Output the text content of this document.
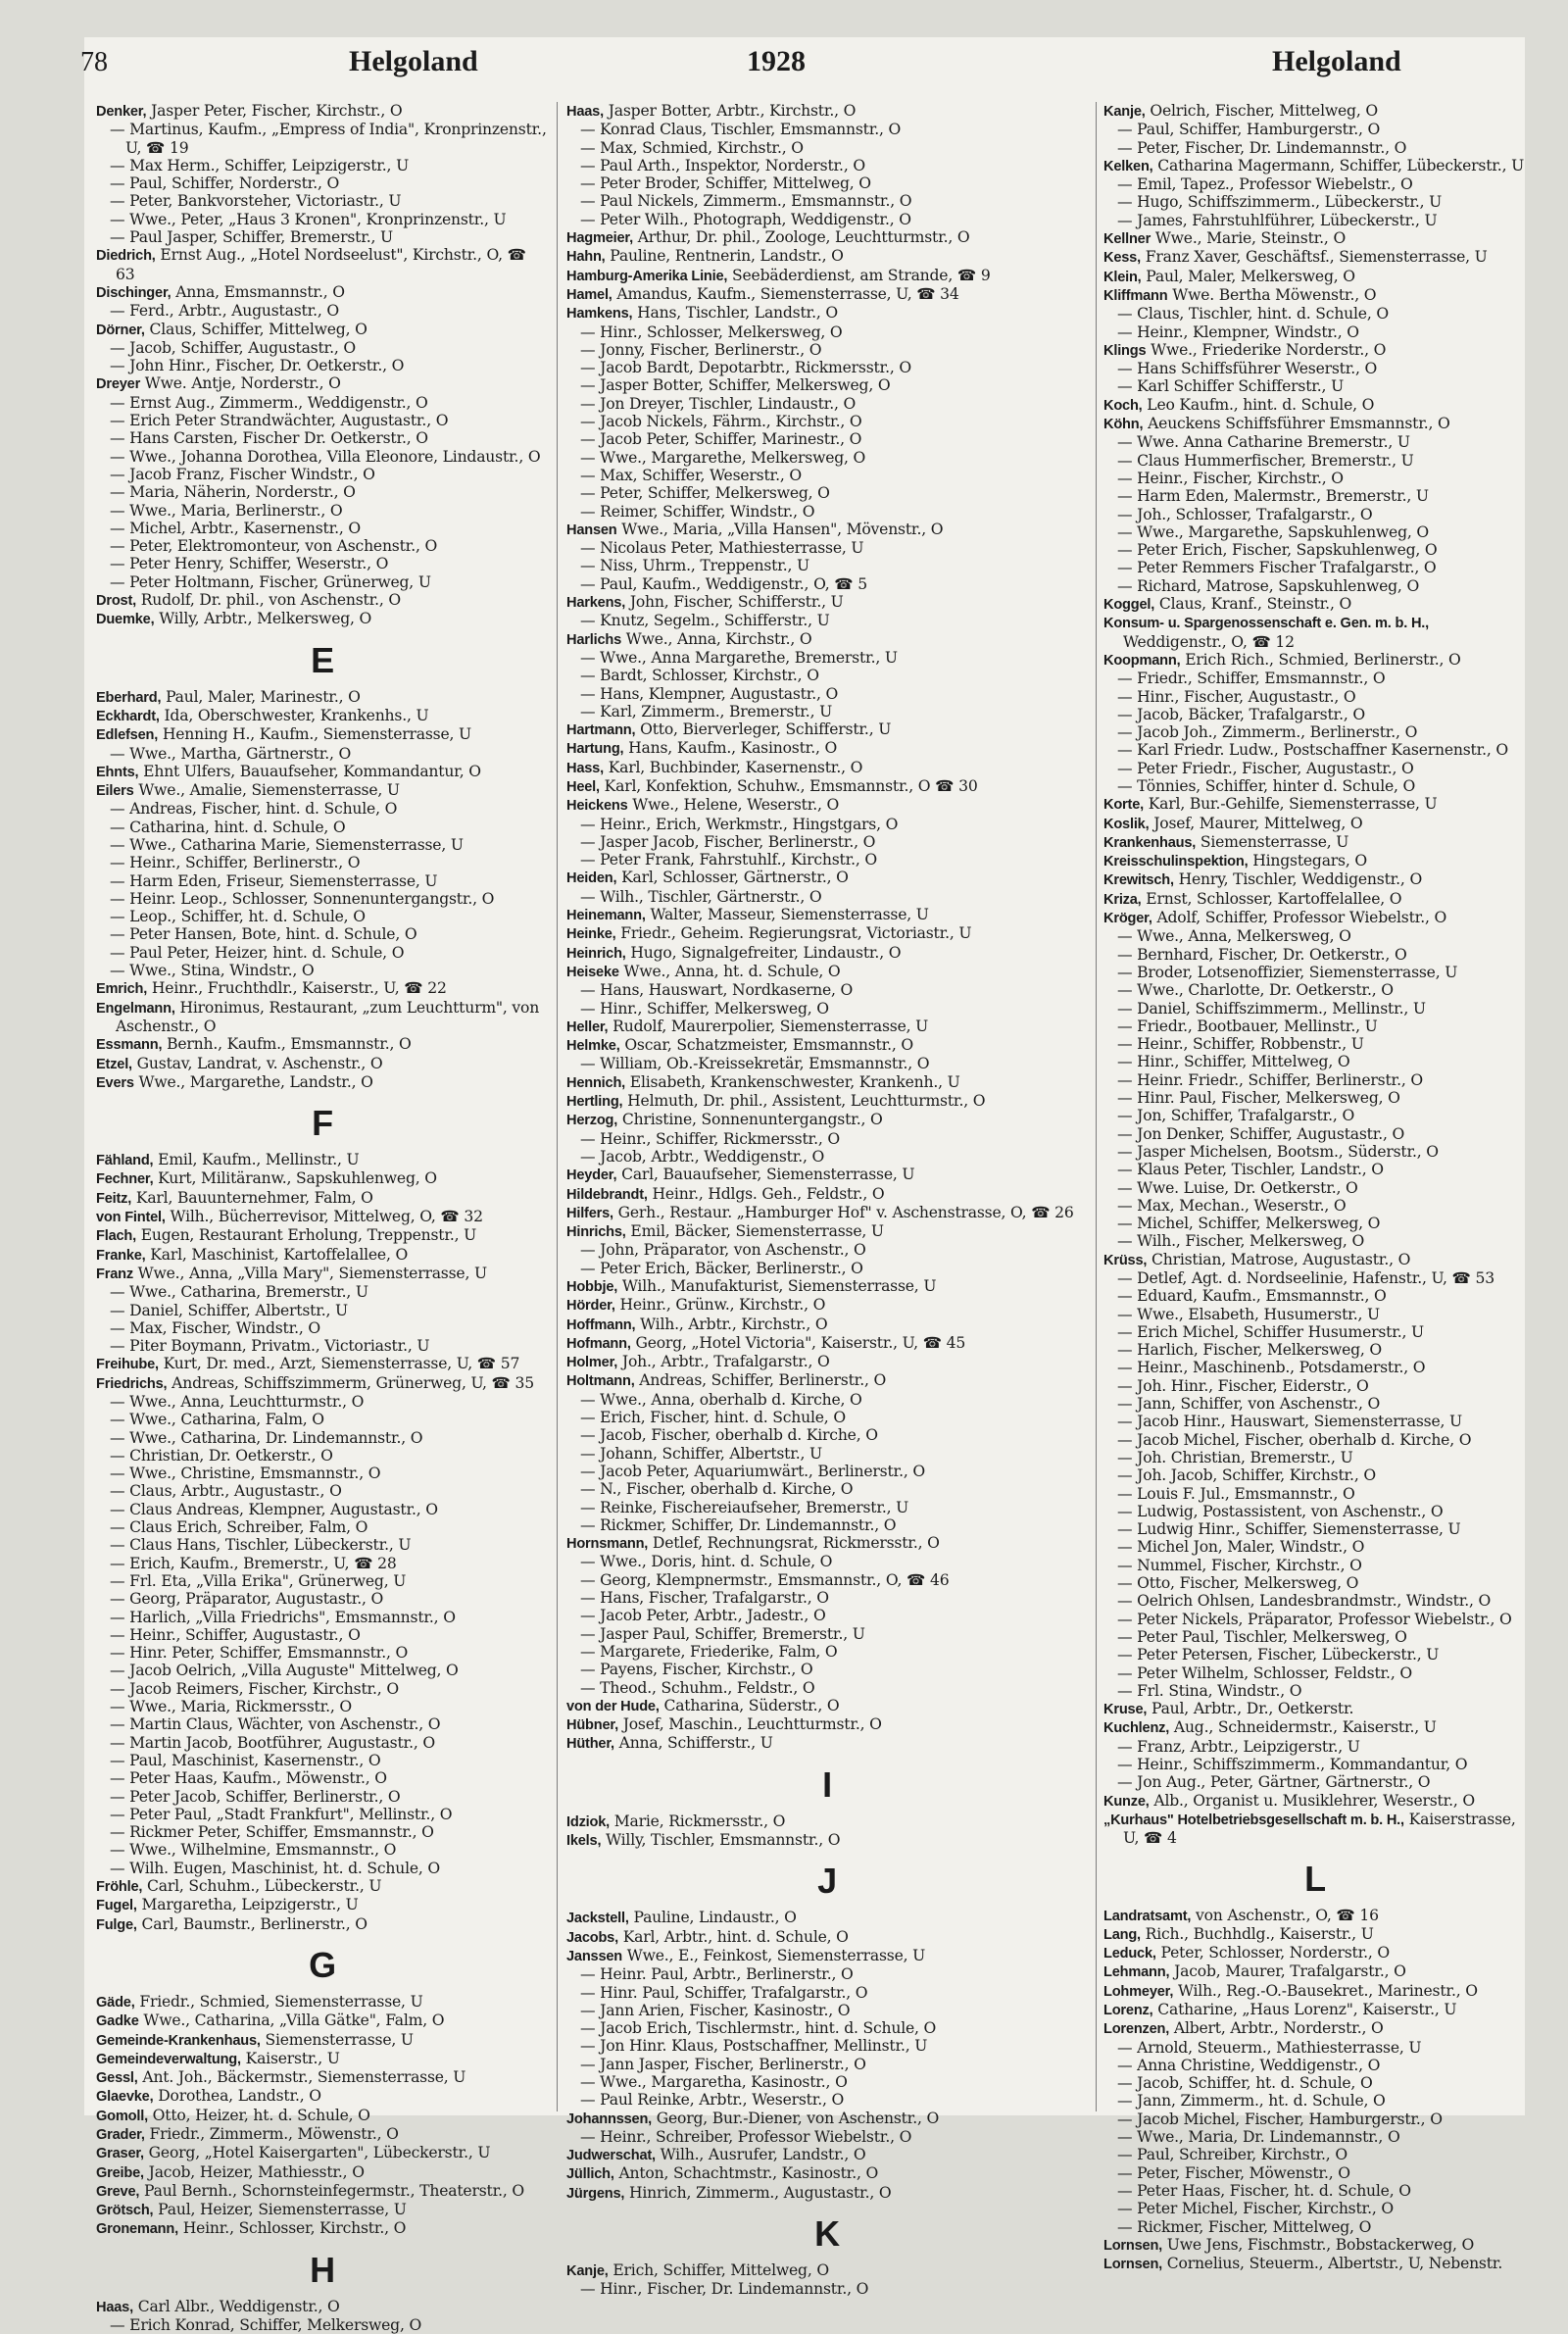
78	Helgoland	1928	Helgoland
Denker, Jasper Peter, Fischer, Kirchstr., O
— Martinus, Kaufm., „Empress of India", Kronprinzenstr., U, ☎ 19
— Max Herm., Schiffer, Leipzigerstr., U
— Paul, Schiffer, Norderstr., O
— Peter, Bankvorsteher, Victoriastr., U
— Wwe., Peter, „Haus 3 Kronen", Kronprinzenstr., U
— Paul Jasper, Schiffer, Bremerstr., U
Diedrich, Ernst Aug., „Hotel Nordseelust", Kirchstr., O, ☎ 63
Dischinger, Anna, Emsmannstr., O
— Ferd., Arbtr., Augustastr., O
Dörner, Claus, Schiffer, Mittelweg, O
— Jacob, Schiffer, Augustastr., O
— John Hinr., Fischer, Dr. Oetkerstr., O
Dreyer Wwe. Antje, Norderstr., O
— Ernst Aug., Zimmerm., Weddigenstr., O
— Erich Peter Strandwächter, Augustastr., O
— Hans Carsten, Fischer Dr. Oetkerstr., O
— Wwe., Johanna Dorothea, Villa Eleonore, Lindaustr., O
— Jacob Franz, Fischer Windstr., O
— Maria, Näherin, Norderstr., O
— Wwe., Maria, Berlinerstr., O
— Michel, Arbtr., Kasernenstr., O
— Peter, Elektromonteur, von Aschenstr., O
— Peter Henry, Schiffer, Weserstr., O
— Peter Holtmann, Fischer, Grünerweg, U
Drost, Rudolf, Dr. phil., von Aschenstr., O
Duemke, Willy, Arbtr., Melkersweg, O
E
Eberhard, Paul, Maler, Marinestr., O
Eckhardt, Ida, Oberschwester, Krankenhs., U
Edlefsen, Henning H., Kaufm., Siemensterrasse, U
— Wwe., Martha, Gärtnerstr., O
Ehnts, Ehnt Ulfers, Bauaufseher, Kommandantur, O
Eilers Wwe., Amalie, Siemensterrasse, U
— Andreas, Fischer, hint. d. Schule, O
— Catharina, hint. d. Schule, O
— Wwe., Catharina Marie, Siemensterrasse, U
— Heinr., Schiffer, Berlinerstr., O
— Harm Eden, Friseur, Siemensterrasse, U
— Heinr. Leop., Schlosser, Sonnenuntergangstr., O
— Leop., Schiffer, ht. d. Schule, O
— Peter Hansen, Bote, hint. d. Schule, O
— Paul Peter, Heizer, hint. d. Schule, O
— Wwe., Stina, Windstr., O
Emrich, Heinr., Fruchthdlr., Kaiserstr., U, ☎ 22
Engelmann, Hironimus, Restaurant, „zum Leuchtturm", von Aschenstr., O
Essmann, Bernh., Kaufm., Emsmannstr., O
Etzel, Gustav, Landrat, v. Aschenstr., O
Evers Wwe., Margarethe, Landstr., O
F
Fähland, Emil, Kaufm., Mellinstr., U
Fechner, Kurt, Militäranw., Sapskuhlenweg, O
Feitz, Karl, Bauunternehmer, Falm, O
von Fintel, Wilh., Bücherrevisor, Mittelweg, O, ☎ 32
Flach, Eugen, Restaurant Erholung, Treppenstr., U
Franke, Karl, Maschinist, Kartoffelallee, O
Franz Wwe., Anna, „Villa Mary", Siemensterrasse, U
— Wwe., Catharina, Bremerstr., U
— Daniel, Schiffer, Albertstr., U
— Max, Fischer, Windstr., O
— Piter Boymann, Privatm., Victoriastr., U
Freihube, Kurt, Dr. med., Arzt, Siemensterrasse, U, ☎ 57
Friedrichs, Andreas, Schiffszimmerm, Grünerweg, U, ☎ 35
— Wwe., Anna, Leuchtturmstr., O
— Wwe., Catharina, Falm, O
— Wwe., Catharina, Dr. Lindemannstr., O
— Christian, Dr. Oetkerstr., O
— Wwe., Christine, Emsmannstr., O
— Claus, Arbtr., Augustastr., O
— Claus Andreas, Klempner, Augustastr., O
— Claus Erich, Schreiber, Falm, O
— Claus Hans, Tischler, Lübeckerstr., U
— Erich, Kaufm., Bremerstr., U, ☎ 28
— Frl. Eta, „Villa Erika", Grünerweg, U
— Georg, Präparator, Augustastr., O
— Harlich, „Villa Friedrichs", Emsmannstr., O
— Heinr., Schiffer, Augustastr., O
— Hinr. Peter, Schiffer, Emsmannstr., O
— Jacob Oelrich, „Villa Auguste" Mittelweg, O
— Jacob Reimers, Fischer, Kirchstr., O
— Wwe., Maria, Rickmersstr., O
— Martin Claus, Wächter, von Aschenstr., O
— Martin Jacob, Bootführer, Augustastr., O
— Paul, Maschinist, Kasernenstr., O
— Peter Haas, Kaufm., Möwenstr., O
— Peter Jacob, Schiffer, Berlinerstr., O
— Peter Paul, „Stadt Frankfurt", Mellinstr., O
— Rickmer Peter, Schiffer, Emsmannstr., O
— Wwe., Wilhelmine, Emsmannstr., O
— Wilh. Eugen, Maschinist, ht. d. Schule, O
Fröhle, Carl, Schuhm., Lübeckerstr., U
Fugel, Margaretha, Leipzigerstr., U
Fulge, Carl, Baumstr., Berlinerstr., O
G
Gäde, Friedr., Schmied, Siemensterrasse, U
Gadke Wwe., Catharina, „Villa Gätke", Falm, O
Gemeinde-Krankenhaus, Siemensterrasse, U
Gemeindeverwaltung, Kaiserstr., U
Gessl, Ant. Joh., Bäckermstr., Siemensterrasse, U
Glaevke, Dorothea, Landstr., O
Gomoll, Otto, Heizer, ht. d. Schule, O
Grader, Friedr., Zimmerm., Möwenstr., O
Graser, Georg, „Hotel Kaisergarten", Lübeckerstr., U
Greibe, Jacob, Heizer, Mathiesstr., O
Greve, Paul Bernh., Schornsteinfegermstr., Theaterstr., O
Grötsch, Paul, Heizer, Siemensterrasse, U
Gronemann, Heinr., Schlosser, Kirchstr., O
H
Haas, Carl Albr., Weddigenstr., O
— Erich Konrad, Schiffer, Melkersweg, O
Haas, Jasper Botter, Arbtr., Kirchstr., O
— Konrad Claus, Tischler, Emsmannstr., O
— Max, Schmied, Kirchstr., O
— Paul Arth., Inspektor, Norderstr., O
— Peter Broder, Schiffer, Mittelweg, O
— Paul Nickels, Zimmerm., Emsmannstr., O
— Peter Wilh., Photograph, Weddigenstr., O
Hagmeier, Arthur, Dr. phil., Zoologe, Leuchtturmstr., O
Hahn, Pauline, Rentnerin, Landstr., O
Hamburg-Amerika Linie, Seebäderdienst, am Strande, ☎ 9
Hamel, Amandus, Kaufm., Siemensterrasse, U, ☎ 34
Hamkens, Hans, Tischler, Landstr., O
— Hinr., Schlosser, Melkersweg, O
— Jonny, Fischer, Berlinerstr., O
— Jacob Bardt, Depotarbtr., Rickmersstr., O
— Jasper Botter, Schiffer, Melkersweg, O
— Jon Dreyer, Tischler, Lindaustr., O
— Jacob Nickels, Fährm., Kirchstr., O
— Jacob Peter, Schiffer, Marinestr., O
— Wwe., Margarethe, Melkersweg, O
— Max, Schiffer, Weserstr., O
— Peter, Schiffer, Melkersweg, O
— Reimer, Schiffer, Windstr., O
Hansen Wwe., Maria, „Villa Hansen", Mövenstr., O
— Nicolaus Peter, Mathiesterrasse, U
— Niss, Uhrm., Treppenstr., U
— Paul, Kaufm., Weddigenstr., O, ☎ 5
Harkens, John, Fischer, Schifferstr., U
— Knutz, Segelm., Schifferstr., U
Harlichs Wwe., Anna, Kirchstr., O
— Wwe., Anna Margarethe, Bremerstr., U
— Bardt, Schlosser, Kirchstr., O
— Hans, Klempner, Augustastr., O
— Karl, Zimmerm., Bremerstr., U
Hartmann, Otto, Bierverleger, Schifferstr., U
Hartung, Hans, Kaufm., Kasinostr., O
Hass, Karl, Buchbinder, Kasernenstr., O
Heel, Karl, Konfektion, Schuhw., Emsmannstr., O ☎ 30
Heickens Wwe., Helene, Weserstr., O
— Heinr., Erich, Werkmstr., Hingstgars, O
— Jasper Jacob, Fischer, Berlinerstr., O
— Peter Frank, Fahrstuhlf., Kirchstr., O
Heiden, Karl, Schlosser, Gärtnerstr., O
— Wilh., Tischler, Gärtnerstr., O
Heinemann, Walter, Masseur, Siemensterrasse, U
Heinke, Friedr., Geheim. Regierungsrat, Victoriastr., U
Heinrich, Hugo, Signalgefreiter, Lindaustr., O
Heiseke Wwe., Anna, ht. d. Schule, O
— Hans, Hauswart, Nordkaserne, O
— Hinr., Schiffer, Melkersweg, O
Heller, Rudolf, Maurerpolier, Siemensterrasse, U
Helmke, Oscar, Schatzmeister, Emsmannstr., O
— William, Ob.-Kreissekretär, Emsmannstr., O
Hennich, Elisabeth, Krankenschwester, Krankenh., U
Hertling, Helmuth, Dr. phil., Assistent, Leuchtturmstr., O
Herzog, Christine, Sonnenuntergangstr., O
— Heinr., Schiffer, Rickmersstr., O
— Jacob, Arbtr., Weddigenstr., O
Heyder, Carl, Bauaufseher, Siemensterrasse, U
Hildebrandt, Heinr., Hdlgs. Geh., Feldstr., O
Hilfers, Gerh., Restaur. „Hamburger Hof" v. Aschenstrasse, O, ☎ 26
Hinrichs, Emil, Bäcker, Siemensterrasse, U
— John, Präparator, von Aschenstr., O
— Peter Erich, Bäcker, Berlinerstr., O
Hobbje, Wilh., Manufakturist, Siemensterrasse, U
Hörder, Heinr., Grünw., Kirchstr., O
Hoffmann, Wilh., Arbtr., Kirchstr., O
Hofmann, Georg, „Hotel Victoria", Kaiserstr., U, ☎ 45
Holmer, Joh., Arbtr., Trafalgarstr., O
Holtmann, Andreas, Schiffer, Berlinerstr., O
— Wwe., Anna, oberhalb d. Kirche, O
— Erich, Fischer, hint. d. Schule, O
— Jacob, Fischer, oberhalb d. Kirche, O
— Johann, Schiffer, Albertstr., U
— Jacob Peter, Aquariumwärt., Berlinerstr., O
— N., Fischer, oberhalb d. Kirche, O
— Reinke, Fischereiaufseher, Bremerstr., U
— Rickmer, Schiffer, Dr. Lindemannstr., O
Hornsmann, Detlef, Rechnungsrat, Rickmersstr., O
— Wwe., Doris, hint. d. Schule, O
— Georg, Klempnermstr., Emsmannstr., O, ☎ 46
— Hans, Fischer, Trafalgarstr., O
— Jacob Peter, Arbtr., Jadestr., O
— Jasper Paul, Schiffer, Bremerstr., U
— Margarete, Friederike, Falm, O
— Payens, Fischer, Kirchstr., O
— Theod., Schuhm., Feldstr., O
von der Hude, Catharina, Süderstr., O
Hübner, Josef, Maschin., Leuchtturmstr., O
Hüther, Anna, Schifferstr., U
I
Idziok, Marie, Rickmersstr., O
Ikels, Willy, Tischler, Emsmannstr., O
J
Jackstell, Pauline, Lindaustr., O
Jacobs, Karl, Arbtr., hint. d. Schule, O
Janssen Wwe., E., Feinkost, Siemensterrasse, U
— Heinr. Paul, Arbtr., Berlinerstr., O
— Hinr. Paul, Schiffer, Trafalgarstr., O
— Jann Arien, Fischer, Kasinostr., O
— Jacob Erich, Tischlermstr., hint. d. Schule, O
— Jon Hinr. Klaus, Postschaffner, Mellinstr., U
— Jann Jasper, Fischer, Berlinerstr., O
— Wwe., Margaretha, Kasinostr., O
— Paul Reinke, Arbtr., Weserstr., O
Johannssen, Georg, Bur.-Diener, von Aschenstr., O
— Heinr., Schreiber, Professor Wiebelstr., O
Judwerschat, Wilh., Ausrufer, Landstr., O
Jüllich, Anton, Schachtmstr., Kasinostr., O
Jürgens, Hinrich, Zimmerm., Augustastr., O
K
Kanje, Erich, Schiffer, Mittelweg, O
— Hinr., Fischer, Dr. Lindemannstr., O
Kanje, Oelrich, Fischer, Mittelweg, O
— Paul, Schiffer, Hamburgerstr., O
— Peter, Fischer, Dr. Lindemannstr., O
Kelken, Catharina Magermann, Schiffer, Lübeckerstr., U
— Emil, Tapez., Professor Wiebelstr., O
— Hugo, Schiffszimmerm., Lübeckerstr., U
— James, Fahrstuhlführer, Lübeckerstr., U
Kellner Wwe., Marie, Steinstr., O
Kess, Franz Xaver, Geschäftsf., Siemensterrasse, U
Klein, Paul, Maler, Melkersweg, O
Kliffmann Wwe. Bertha Möwenstr., O
— Claus, Tischler, hint. d. Schule, O
— Heinr., Klempner, Windstr., O
Klings Wwe., Friederike Norderstr., O
— Hans Schiffsführer Weserstr., O
— Karl Schiffer Schifferstr., U
Koch, Leo Kaufm., hint. d. Schule, O
Köhn, Aeuckens Schiffsführer Emsmannstr., O
— Wwe. Anna Catharine Bremerstr., U
— Claus Hummerfischer, Bremerstr., U
— Heinr., Fischer, Kirchstr., O
— Harm Eden, Malermstr., Bremerstr., U
— Joh., Schlosser, Trafalgarstr., O
— Wwe., Margarethe, Sapskuhlenweg, O
— Peter Erich, Fischer, Sapskuhlenweg, O
— Peter Remmers Fischer Trafalgarstr., O
— Richard, Matrose, Sapskuhlenweg, O
Koggel, Claus, Kranf., Steinstr., O
Konsum- u. Spargenossenschaft e. Gen. m. b. H., Weddigenstr., O, ☎ 12
Koopmann, Erich Rich., Schmied, Berlinerstr., O
— Friedr., Schiffer, Emsmannstr., O
— Hinr., Fischer, Augustastr., O
— Jacob, Bäcker, Trafalgarstr., O
— Jacob Joh., Zimmerm., Berlinerstr., O
— Karl Friedr. Ludw., Postschaffner Kasernenstr., O
— Peter Friedr., Fischer, Augustastr., O
— Tönnies, Schiffer, hinter d. Schule, O
Korte, Karl, Bur.-Gehilfe, Siemensterrasse, U
Koslik, Josef, Maurer, Mittelweg, O
Krankenhaus, Siemensterrasse, U
Kreisschulinspektion, Hingstegars, O
Krewitsch, Henry, Tischler, Weddigenstr., O
Kriza, Ernst, Schlosser, Kartoffelallee, O
Kröger, Adolf, Schiffer, Professor Wiebelstr., O
— Wwe., Anna, Melkersweg, O
— Bernhard, Fischer, Dr. Oetkerstr., O
— Broder, Lotsenoffizier, Siemensterrasse, U
— Wwe., Charlotte, Dr. Oetkerstr., O
— Daniel, Schiffszimmerm., Mellinstr., U
— Friedr., Bootbauer, Mellinstr., U
— Heinr., Schiffer, Robbenstr., U
— Hinr., Schiffer, Mittelweg, O
— Heinr. Friedr., Schiffer, Berlinerstr., O
— Hinr. Paul, Fischer, Melkersweg, O
— Jon, Schiffer, Trafalgarstr., O
— Jon Denker, Schiffer, Augustastr., O
— Jasper Michelsen, Bootsm., Süderstr., O
— Klaus Peter, Tischler, Landstr., O
— Wwe. Luise, Dr. Oetkerstr., O
— Max, Mechan., Weserstr., O
— Michel, Schiffer, Melkersweg, O
— Wilh., Fischer, Melkersweg, O
Krüss, Christian, Matrose, Augustastr., O
— Detlef, Agt. d. Nordseelinie, Hafenstr., U, ☎ 53
— Eduard, Kaufm., Emsmannstr., O
— Wwe., Elsabeth, Husumerstr., U
— Erich Michel, Schiffer Husumerstr., U
— Harlich, Fischer, Melkersweg, O
— Heinr., Maschinenb., Potsdamerstr., O
— Joh. Hinr., Fischer, Eiderstr., O
— Jann, Schiffer, von Aschenstr., O
— Jacob Hinr., Hauswart, Siemensterrasse, U
— Jacob Michel, Fischer, oberhalb d. Kirche, O
— Joh. Christian, Bremerstr., U
— Joh. Jacob, Schiffer, Kirchstr., O
— Louis F. Jul., Emsmannstr., O
— Ludwig, Postassistent, von Aschenstr., O
— Ludwig Hinr., Schiffer, Siemensterrasse, U
— Michel Jon, Maler, Windstr., O
— Nummel, Fischer, Kirchstr., O
— Otto, Fischer, Melkersweg, O
— Oelrich Ohlsen, Landesbrandmstr., Windstr., O
— Peter Nickels, Präparator, Professor Wiebelstr., O
— Peter Paul, Tischler, Melkersweg, O
— Peter Petersen, Fischer, Lübeckerstr., U
— Peter Wilhelm, Schlosser, Feldstr., O
— Frl. Stina, Windstr., O
Kruse, Paul, Arbtr., Dr., Oetkerstr.
Kuchlenz, Aug., Schneidermstr., Kaiserstr., U
— Franz, Arbtr., Leipzigerstr., U
— Heinr., Schiffszimmerm., Kommandantur, O
— Jon Aug., Peter, Gärtner, Gärtnerstr., O
Kunze, Alb., Organist u. Musiklehrer, Weserstr., O
„Kurhaus" Hotelbetriebsgesellschaft m. b. H., Kaiserstrasse, U, ☎ 4
L
Landratsamt, von Aschenstr., O, ☎ 16
Lang, Rich., Buchhdlg., Kaiserstr., U
Leduck, Peter, Schlosser, Norderstr., O
Lehmann, Jacob, Maurer, Trafalgarstr., O
Lohmeyer, Wilh., Reg.-O.-Bausekret., Marinestr., O
Lorenz, Catharine, „Haus Lorenz", Kaiserstr., U
Lorenzen, Albert, Arbtr., Norderstr., O
— Arnold, Steuerm., Mathiesterrasse, U
— Anna Christine, Weddigenstr., O
— Jacob, Schiffer, ht. d. Schule, O
— Jann, Zimmerm., ht. d. Schule, O
— Jacob Michel, Fischer, Hamburgerstr., O
— Wwe., Maria, Dr. Lindemannstr., O
— Paul, Schreiber, Kirchstr., O
— Peter, Fischer, Möwenstr., O
— Peter Haas, Fischer, ht. d. Schule, O
— Peter Michel, Fischer, Kirchstr., O
— Rickmer, Fischer, Mittelweg, O
Lornsen, Uwe Jens, Fischmstr., Bobstackerweg, O
Lornsen, Cornelius, Steuerm., Albertstr., U, Nebenstr.
